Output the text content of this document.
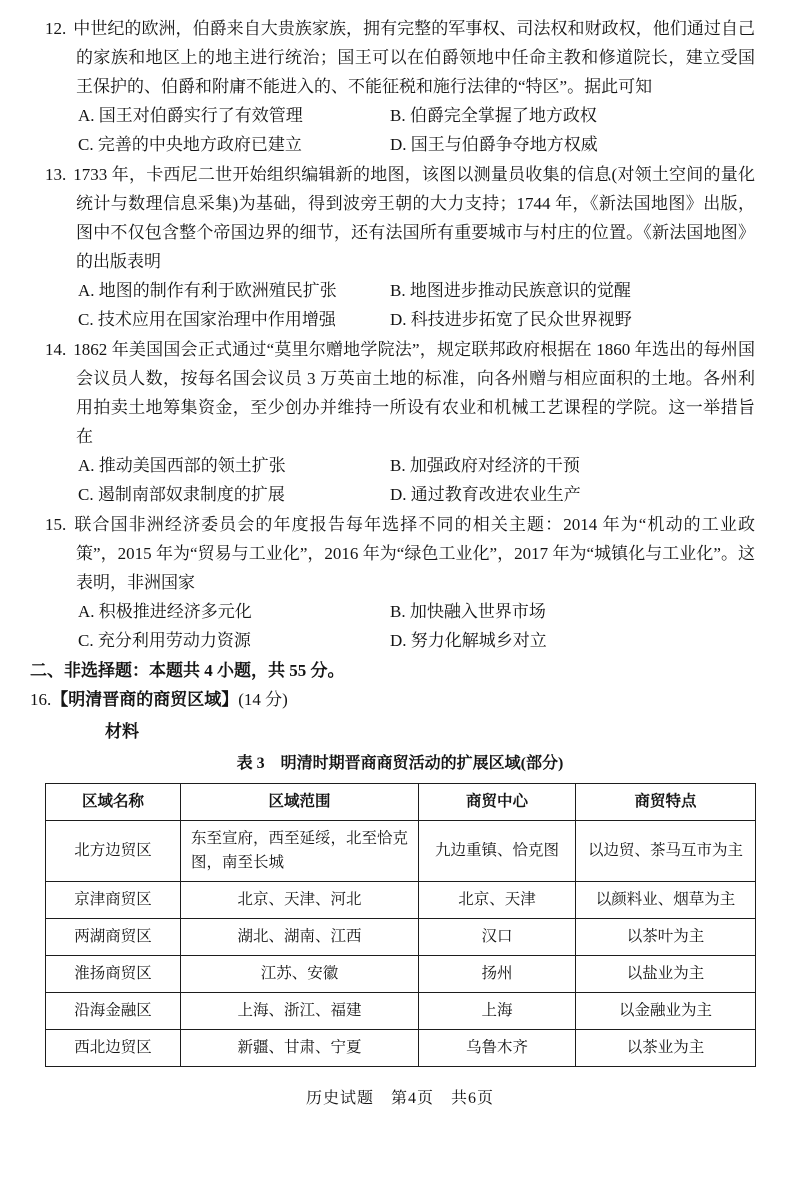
12. 中世纪的欧洲，伯爵来自大贵族家族，拥有完整的军事权、司法权和财政权，他们通过自己的家族和地区上的地主进行统治；国王可以在伯爵领地中任命主教和修道院长，建立受国王保护的、伯爵和附庸不能进入的、不能征税和施行法律的“特区”。据此可知

A. 国王对伯爵实行了有效管理	B. 伯爵完全掌握了地方政权
C. 完善的中央地方政府已建立	D. 国王与伯爵争夺地方权威

13. 1733 年，卡西尼二世开始组织编辑新的地图，该图以测量员收集的信息(对领土空间的量化统计与数理信息采集)为基础，得到波旁王朝的大力支持；1744 年，《新法国地图》出版，图中不仅包含整个帝国边界的细节，还有法国所有重要城市与村庄的位置。《新法国地图》的出版表明

A. 地图的制作有利于欧洲殖民扩张	B. 地图进步推动民族意识的觉醒
C. 技术应用在国家治理中作用增强	D. 科技进步拓宽了民众世界视野

14. 1862 年美国国会正式通过“莫里尔赠地学院法”，规定联邦政府根据在 1860 年选出的每州国会议员人数，按每名国会议员 3 万英亩土地的标准，向各州赠与相应面积的土地。各州利用拍卖土地筹集资金，至少创办并维持一所设有农业和机械工艺课程的学院。这一举措旨在

A. 推动美国西部的领土扩张	B. 加强政府对经济的干预
C. 遏制南部奴隶制度的扩展	D. 通过教育改进农业生产

15. 联合国非洲经济委员会的年度报告每年选择不同的相关主题：2014 年为“机动的工业政策”，2015 年为“贸易与工业化”，2016 年为“绿色工业化”，2017 年为“城镇化与工业化”。这表明，非洲国家

A. 积极推进经济多元化	B. 加快融入世界市场
C. 充分利用劳动力资源	D. 努力化解城乡对立

二、非选择题：本题共 4 小题，共 55 分。

16.【明清晋商的商贸区域】(14 分)

材料

表 3　明清时期晋商商贸活动的扩展区域(部分)

区域名称	区域范围	商贸中心	商贸特点
北方边贸区	东至宣府，西至延绥，北至恰克图，南至长城	九边重镇、恰克图	以边贸、茶马互市为主
京津商贸区	北京、天津、河北	北京、天津	以颜料业、烟草为主
两湖商贸区	湖北、湖南、江西	汉口	以茶叶为主
淮扬商贸区	江苏、安徽	扬州	以盐业为主
沿海金融区	上海、浙江、福建	上海	以金融业为主
西北边贸区	新疆、甘肃、宁夏	乌鲁木齐	以茶业为主

历史试题　第4页　共6页
